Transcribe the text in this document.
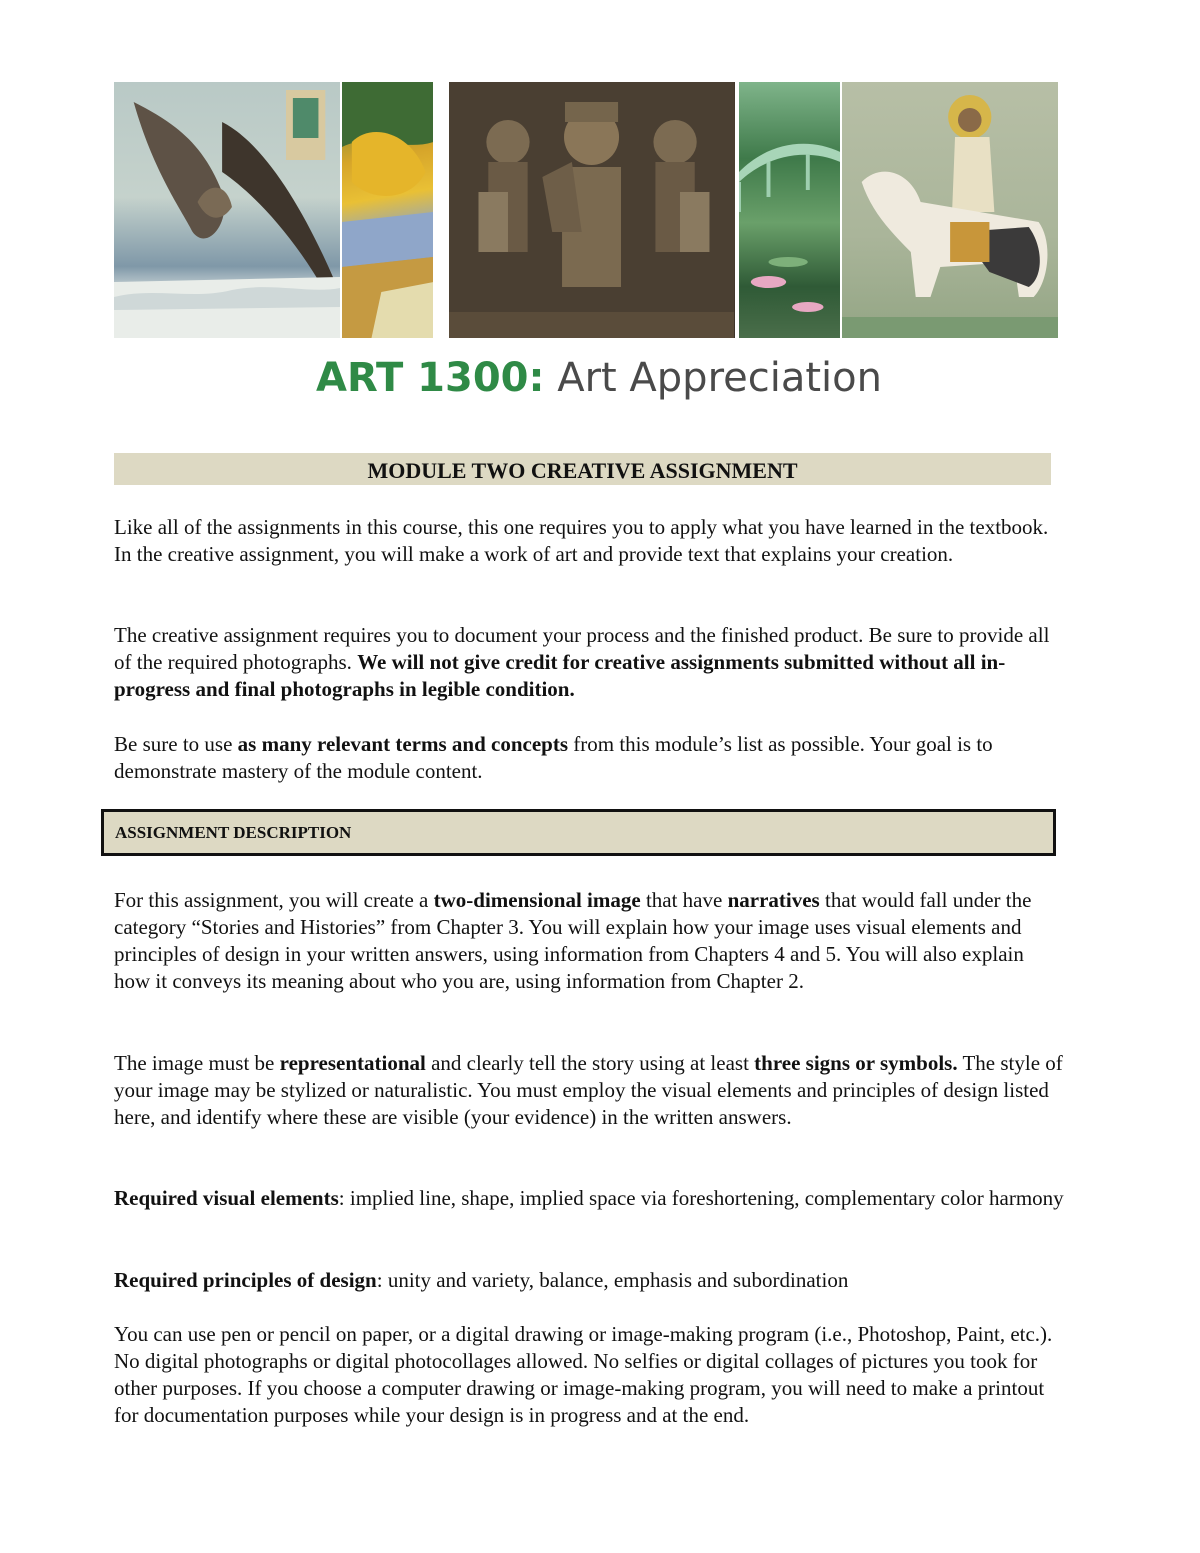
ART 1300: Art Appreciation
MODULE TWO CREATIVE ASSIGNMENT

Like all of the assignments in this course, this one requires you to apply what you have learned in the textbook. In the creative assignment, you will make a work of art and provide text that explains your creation.

The creative assignment requires you to document your process and the finished product. Be sure to provide all of the required photographs. We will not give credit for creative assignments submitted without all in-progress and final photographs in legible condition.

Be sure to use as many relevant terms and concepts from this module’s list as possible. Your goal is to demonstrate mastery of the module content.

ASSIGNMENT DESCRIPTION

For this assignment, you will create a two-dimensional image that have narratives that would fall under the category “Stories and Histories” from Chapter 3. You will explain how your image uses visual elements and principles of design in your written answers, using information from Chapters 4 and 5. You will also explain how it conveys its meaning about who you are, using information from Chapter 2.

The image must be representational and clearly tell the story using at least three signs or symbols. The style of your image may be stylized or naturalistic. You must employ the visual elements and principles of design listed here, and identify where these are visible (your evidence) in the written answers.

Required visual elements: implied line, shape, implied space via foreshortening, complementary color harmony

Required principles of design: unity and variety, balance, emphasis and subordination

You can use pen or pencil on paper, or a digital drawing or image-making program (i.e., Photoshop, Paint, etc.). No digital photographs or digital photocollages allowed. No selfies or digital collages of pictures you took for other purposes. If you choose a computer drawing or image-making program, you will need to make a printout for documentation purposes while your design is in progress and at the end.
